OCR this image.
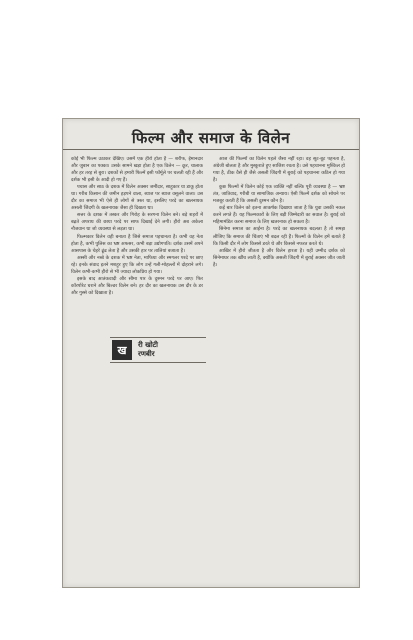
फिल्म और समाज के विलेन

कोई भी फिल्म उठाकर देखिए। उसमें एक हीरो होता है — शरीफ, ईमानदार और जुबान का पक्का। उसके सामने खड़ा होता है एक विलेन — क्रूर, चालाक और हर तरह से बुरा। दशकों से हमारी फिल्में इसी फॉर्मूले पर चलती रही हैं और दर्शक भी इसी के आदी हो गए हैं।

पचास और साठ के दशक में विलेन अक्सर जमींदार, साहूकार या डाकू होता था। गरीब किसान की जमीन हड़पने वाला, ब्याज पर ब्याज वसूलने वाला। उस दौर का समाज भी ऐसे ही लोगों से त्रस्त था, इसलिए परदे का खलनायक असली जिंदगी के खलनायक जैसा ही दिखता था।

सत्तर के दशक में तस्कर और गिरोह के सरगना विलेन बने। बड़े शहरों में बढ़ते अपराध की छाया परदे पर साफ दिखाई देने लगी। हीरो अब अकेला नौजवान था जो व्यवस्था से लड़ता था।

फिल्मकार विलेन वही बनाता है जिसे समाज पहचानता है। कभी वह नेता होता है, कभी पुलिस का भ्रष्ट अफसर, कभी बड़ा उद्योगपति। दर्शक उसमें अपने आसपास के चेहरे ढूंढ लेता है और उसकी हार पर तालियां बजाता है।

अस्सी और नब्बे के दशक में भ्रष्ट नेता, माफिया और स्मगलर परदे पर छाए रहे। इनके संवाद इतने मशहूर हुए कि लोग उन्हें गली-मोहल्लों में दोहराने लगे। विलेन कभी-कभी हीरो से भी ज्यादा लोकप्रिय हो गया।

इसके बाद आतंकवादी और सीमा पार के दुश्मन परदे पर आए। फिर कॉरपोरेट घराने और बिल्डर विलेन बने। हर दौर का खलनायक उस दौर के डर और गुस्से को दिखाता है।

आज की फिल्मों का विलेन पहले जैसा नहीं रहा। वह सूट-बूट पहनता है, अंग्रेजी बोलता है और मुस्कुराते हुए साजिश रचता है। उसे पहचानना मुश्किल हो गया है, ठीक वैसे ही जैसे असली जिंदगी में बुराई को पहचानना कठिन हो गया है।

कुछ फिल्मों में विलेन कोई एक व्यक्ति नहीं बल्कि पूरी व्यवस्था है — भ्रष्ट तंत्र, जातिवाद, गरीबी या सामाजिक अन्याय। ऐसी फिल्में दर्शक को सोचने पर मजबूर करती हैं कि असली दुश्मन कौन है।

कई बार विलेन को इतना आकर्षक दिखाया जाता है कि युवा उसकी नकल करने लगते हैं। यह फिल्मकारों के लिए बड़ी जिम्मेदारी का सवाल है। बुराई को महिमामंडित करना समाज के लिए खतरनाक हो सकता है।

सिनेमा समाज का आईना है। परदे का खलनायक बदलता है तो समझ लीजिए कि समाज की चिंताएं भी बदल रही हैं। फिल्मों के विलेन हमें बताते हैं कि किसी दौर में लोग किससे डरते थे और किससे नफरत करते थे।

आखिर में हीरो जीतता है और विलेन हारता है। यही उम्मीद दर्शक को सिनेमाघर तक खींच लाती है, क्योंकि असली जिंदगी में बुराई अक्सर जीत जाती है।

ख	री खोटी
रणबीर
